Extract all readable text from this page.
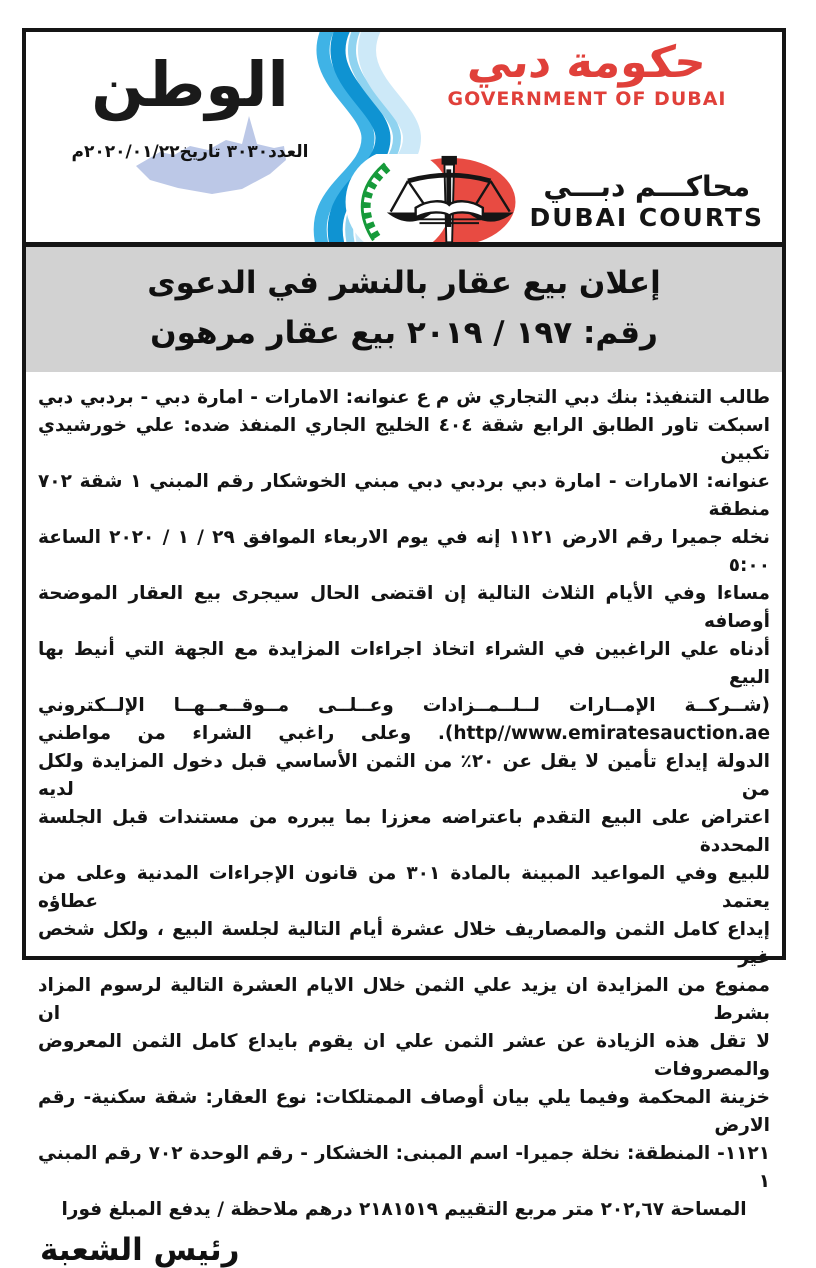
الوطن
العدد٣٠٣٠ تاريخ٢٠٢٠/٠١/٢٢م
حكومة دبي
GOVERNMENT OF DUBAI
محاكـــم دبـــي
DUBAI COURTS
إعلان بيع عقار بالنشر في الدعوى
رقم: ١٩٧ / ٢٠١٩ بيع عقار مرهون
طالب التنفيذ: بنك دبي التجاري ش م ع عنوانه: الامارات - امارة دبي - بردبي دبي
اسبكت تاور الطابق الرابع شقة ٤٠٤ الخليج الجاري المنفذ ضده: علي خورشيدي تكبين
عنوانه: الامارات - امارة دبي بردبي دبي مبني الخوشكار رقم المبني ١ شقة ٧٠٢ منطقة
نخله جميرا رقم الارض ١١٢١ إنه في يوم الاربعاء الموافق ٢٩ / ١ / ٢٠٢٠ الساعة ٥:٠٠
مساءا وفي الأيام الثلاث التالية إن اقتضى الحال سيجرى بيع العقار الموضحة أوصافه
أدناه علي الراغبين في الشراء اتخاذ اجراءات المزايدة مع الجهة التي أنيط بها البيع
(شــركــة الإمــارات لــلــمــزادات وعــلــى مــوقــعــهــا الإلــكتروني
http//www.emiratesauction.ae). وعلى راغبي الشراء من مواطني
الدولة إيداع تأمين لا يقل عن ٢٠٪ من الثمن الأساسي قبل دخول المزايدة ولكل من لديه
اعتراض على البيع التقدم باعتراضه معززا بما يبرره من مستندات قبل الجلسة المحددة
للبيع وفي المواعيد المبينة بالمادة ٣٠١ من قانون الإجراءات المدنية وعلى من يعتمد عطاؤه
إيداع كامل الثمن والمصاريف خلال عشرة أيام التالية لجلسة البيع ، ولكل شخص غير
ممنوع من المزايدة ان يزيد علي الثمن خلال الايام العشرة التالية لرسوم المزاد بشرط ان
لا تقل هذه الزيادة عن عشر الثمن علي ان يقوم بايداع كامل الثمن المعروض والمصروفات
خزينة المحكمة وفيما يلي بيان أوصاف الممتلكات: نوع العقار: شقة سكنية- رقم الارض
١١٢١- المنطقة: نخلة جميرا- اسم المبنى: الخشكار - رقم الوحدة ٧٠٢ رقم المبني ١
المساحة ٢٠٢,٦٧ متر مربع التقييم ٢١٨١٥١٩ درهم ملاحظة / يدفع المبلغ فورا
رئيس الشعبة
